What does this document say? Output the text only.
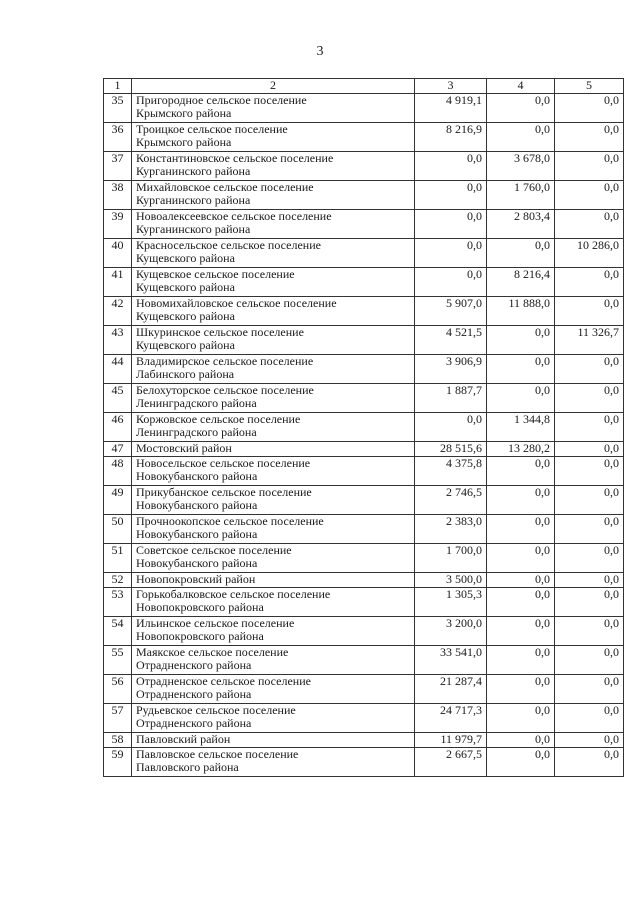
3
1	2	3	4	5
35	Пригородное сельское поселение
Крымского района	4 919,1	0,0	0,0
36	Троицкое сельское поселение
Крымского района	8 216,9	0,0	0,0
37	Константиновское сельское поселение
Курганинского района	0,0	3 678,0	0,0
38	Михайловское сельское поселение
Курганинского района	0,0	1 760,0	0,0
39	Новоалексеевское сельское поселение
Курганинского района	0,0	2 803,4	0,0
40	Красносельское сельское поселение
Кущевского района	0,0	0,0	10 286,0
41	Кущевское сельское поселение
Кущевского района	0,0	8 216,4	0,0
42	Новомихайловское сельское поселение
Кущевского района	5 907,0	11 888,0	0,0
43	Шкуринское сельское поселение
Кущевского района	4 521,5	0,0	11 326,7
44	Владимирское сельское поселение
Лабинского района	3 906,9	0,0	0,0
45	Белохуторское сельское поселение
Ленинградского района	1 887,7	0,0	0,0
46	Коржовское сельское поселение
Ленинградского района	0,0	1 344,8	0,0
47	Мостовский район	28 515,6	13 280,2	0,0
48	Новосельское сельское поселение
Новокубанского района	4 375,8	0,0	0,0
49	Прикубанское сельское поселение
Новокубанского района	2 746,5	0,0	0,0
50	Прочноокопское сельское поселение
Новокубанского района	2 383,0	0,0	0,0
51	Советское сельское поселение
Новокубанского района	1 700,0	0,0	0,0
52	Новопокровский район	3 500,0	0,0	0,0
53	Горькобалковское сельское поселение
Новопокровского района	1 305,3	0,0	0,0
54	Ильинское сельское поселение
Новопокровского района	3 200,0	0,0	0,0
55	Маякское сельское поселение
Отрадненского района	33 541,0	0,0	0,0
56	Отрадненское сельское поселение
Отрадненского района	21 287,4	0,0	0,0
57	Рудьевское сельское поселение
Отрадненского района	24 717,3	0,0	0,0
58	Павловский район	11 979,7	0,0	0,0
59	Павловское сельское поселение
Павловского района	2 667,5	0,0	0,0
